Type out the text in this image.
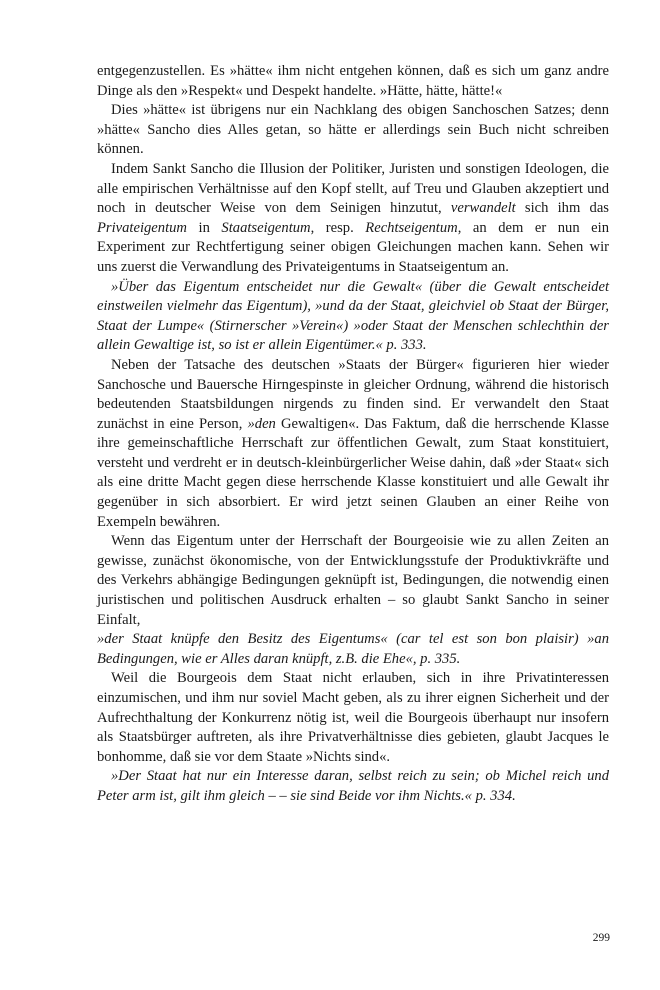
entgegenzustellen. Es »hätte« ihm nicht entgehen können, daß es sich um ganz andre Dinge als den »Respekt« und Despekt handelte. »Hätte, hätte, hätte!«

Dies »hätte« ist übrigens nur ein Nachklang des obigen Sanchoschen Satzes; denn »hätte« Sancho dies Alles getan, so hätte er allerdings sein Buch nicht schreiben können.

Indem Sankt Sancho die Illusion der Politiker, Juristen und sonstigen Ideologen, die alle empirischen Verhältnisse auf den Kopf stellt, auf Treu und Glauben akzeptiert und noch in deutscher Weise von dem Seinigen hinzutut, verwandelt sich ihm das Privateigentum in Staatseigentum, resp. Rechtseigentum, an dem er nun ein Experiment zur Rechtfertigung seiner obigen Gleichungen machen kann. Sehen wir uns zuerst die Verwandlung des Privateigentums in Staatseigentum an.

»Über das Eigentum entscheidet nur die Gewalt« (über die Gewalt entscheidet einstweilen vielmehr das Eigentum), »und da der Staat, gleichviel ob Staat der Bürger, Staat der Lumpe« (Stirnerscher »Verein«) »oder Staat der Menschen schlechthin der allein Gewaltige ist, so ist er allein Eigentümer.« p. 333.

Neben der Tatsache des deutschen »Staats der Bürger« figurieren hier wieder Sanchosche und Bauersche Hirngespinste in gleicher Ordnung, während die historisch bedeutenden Staatsbildungen nirgends zu finden sind. Er verwandelt den Staat zunächst in eine Person, »den Gewaltigen«. Das Faktum, daß die herrschende Klasse ihre gemeinschaftliche Herrschaft zur öffentlichen Gewalt, zum Staat konstituiert, versteht und verdreht er in deutsch-kleinbürgerlicher Weise dahin, daß »der Staat« sich als eine dritte Macht gegen diese herrschende Klasse konstituiert und alle Gewalt ihr gegenüber in sich absorbiert. Er wird jetzt seinen Glauben an einer Reihe von Exempeln bewähren.

Wenn das Eigentum unter der Herrschaft der Bourgeoisie wie zu allen Zeiten an gewisse, zunächst ökonomische, von der Entwicklungsstufe der Produktivkräfte und des Verkehrs abhängige Bedingungen geknüpft ist, Bedingungen, die notwendig einen juristischen und politischen Ausdruck erhalten – so glaubt Sankt Sancho in seiner Einfalt,

»der Staat knüpfe den Besitz des Eigentums« (car tel est son bon plaisir) »an Bedingungen, wie er Alles daran knüpft, z.B. die Ehe«, p. 335.

Weil die Bourgeois dem Staat nicht erlauben, sich in ihre Privatinteressen einzumischen, und ihm nur soviel Macht geben, als zu ihrer eignen Sicherheit und der Aufrechthaltung der Konkurrenz nötig ist, weil die Bourgeois überhaupt nur insofern als Staatsbürger auftreten, als ihre Privatverhältnisse dies gebieten, glaubt Jacques le bonhomme, daß sie vor dem Staate »Nichts sind«.

»Der Staat hat nur ein Interesse daran, selbst reich zu sein; ob Michel reich und Peter arm ist, gilt ihm gleich – – sie sind Beide vor ihm Nichts.« p. 334.

299
